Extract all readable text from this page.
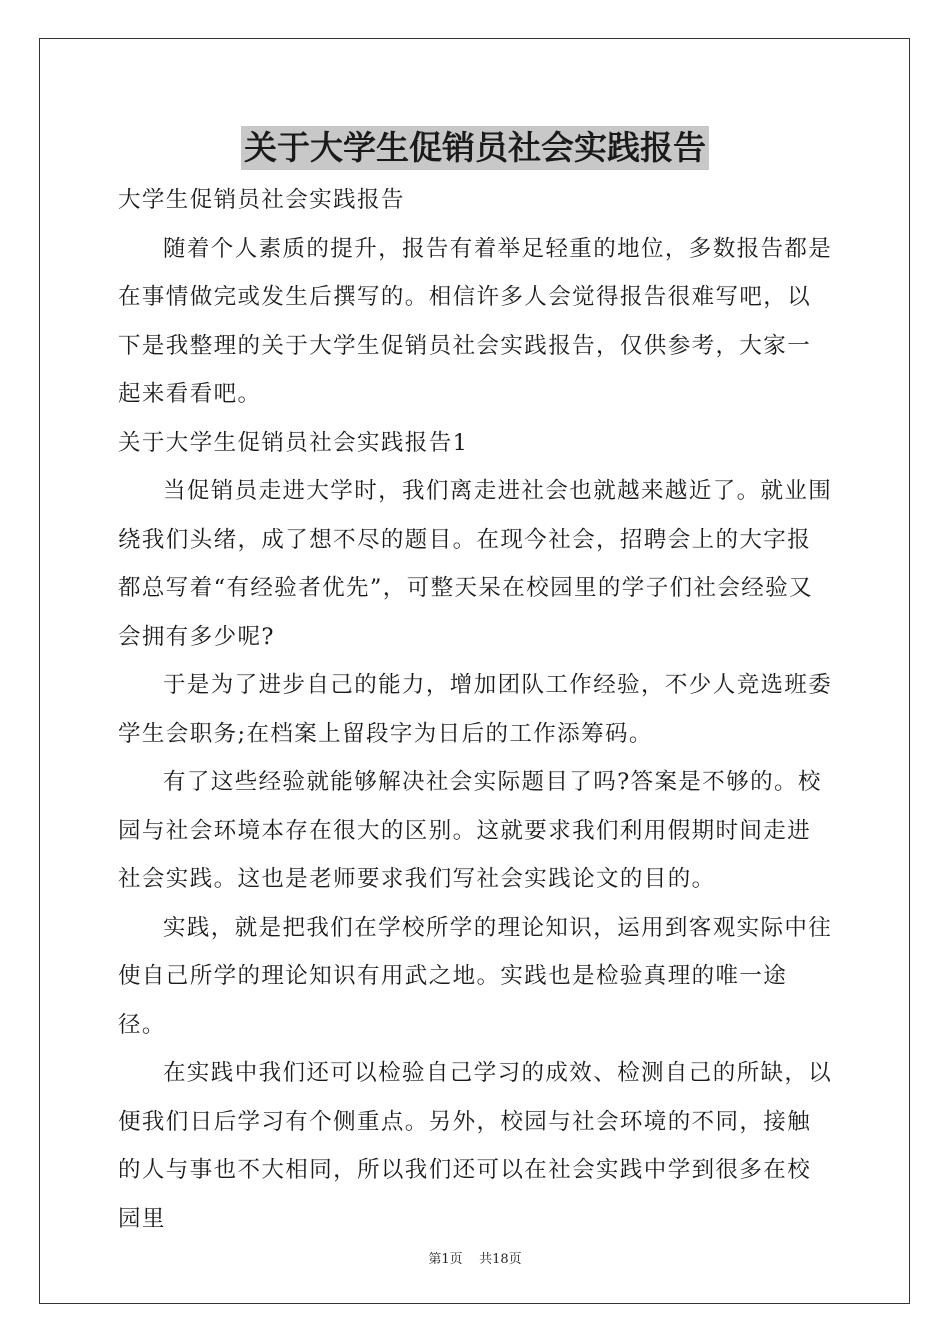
关于大学生促销员社会实践报告

大学生促销员社会实践报告

随着个人素质的提升，报告有着举足轻重的地位，多数报告都是在事情做完或发生后撰写的。相信许多人会觉得报告很难写吧，以下是我整理的关于大学生促销员社会实践报告，仅供参考，大家一起来看看吧。

关于大学生促销员社会实践报告1

当促销员走进大学时，我们离走进社会也就越来越近了。就业围绕我们头绪，成了想不尽的题目。在现今社会，招聘会上的大字报都总写着“有经验者优先”，可整天呆在校园里的学子们社会经验又会拥有多少呢?

于是为了进步自己的能力，增加团队工作经验，不少人竞选班委学生会职务;在档案上留段字为日后的工作添筹码。

有了这些经验就能够解决社会实际题目了吗?答案是不够的。校园与社会环境本存在很大的区别。这就要求我们利用假期时间走进社会实践。这也是老师要求我们写社会实践论文的目的。

实践，就是把我们在学校所学的理论知识，运用到客观实际中往使自己所学的理论知识有用武之地。实践也是检验真理的唯一途径。

在实践中我们还可以检验自己学习的成效、检测自己的所缺，以便我们日后学习有个侧重点。另外，校园与社会环境的不同，接触的人与事也不大相同，所以我们还可以在社会实践中学到很多在校园里

第1页 共18页
